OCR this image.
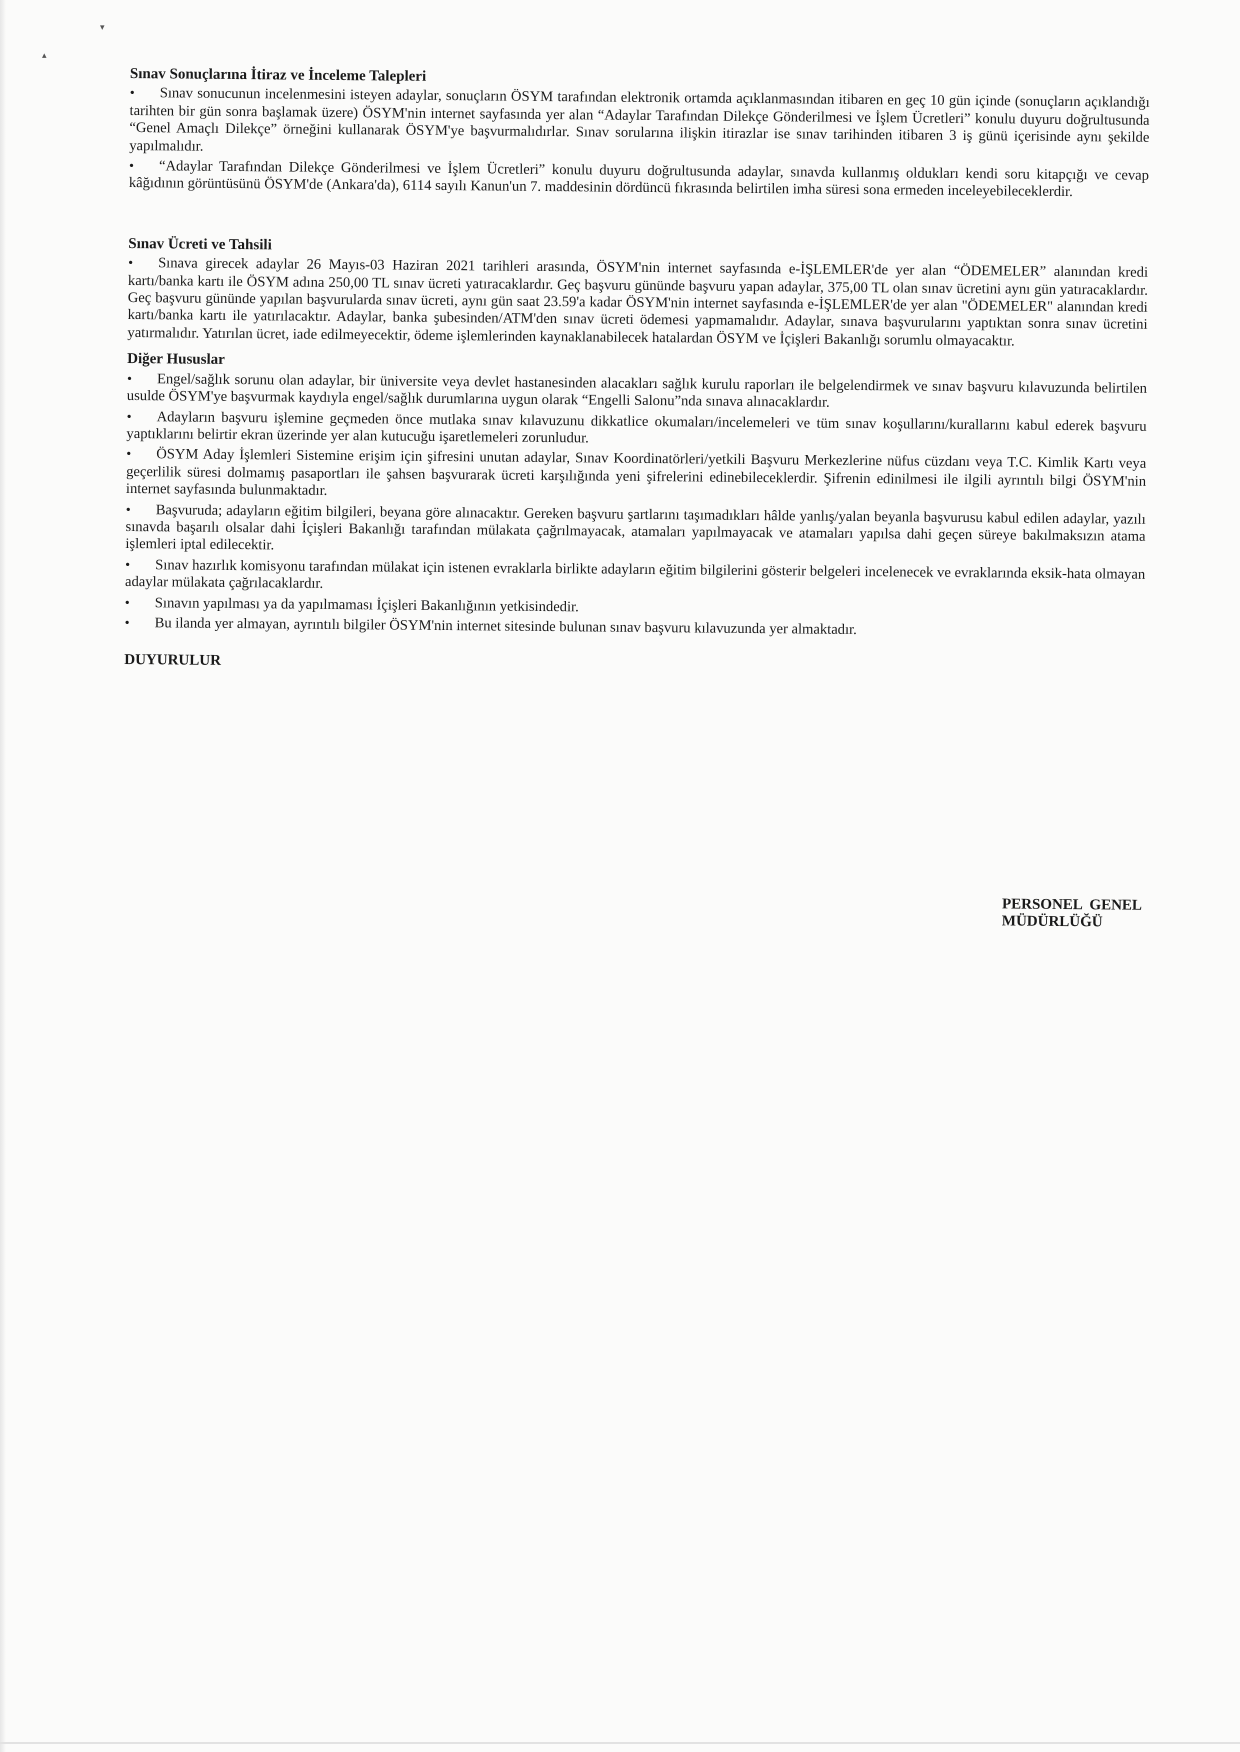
▾
▴
Sınav Sonuçlarına İtiraz ve İnceleme Talepleri
• Sınav sonucunun incelenmesini isteyen adaylar, sonuçların ÖSYM tarafından elektronik ortamda açıklanmasından itibaren en geç 10 gün içinde (sonuçların açıklandığı tarihten bir gün sonra başlamak üzere) ÖSYM'nin internet sayfasında yer alan “Adaylar Tarafından Dilekçe Gönderilmesi ve İşlem Ücretleri” konulu duyuru doğrultusunda “Genel Amaçlı Dilekçe” örneğini kullanarak ÖSYM'ye başvurmalıdırlar. Sınav sorularına ilişkin itirazlar ise sınav tarihinden itibaren 3 iş günü içerisinde aynı şekilde yapılmalıdır.
• “Adaylar Tarafından Dilekçe Gönderilmesi ve İşlem Ücretleri” konulu duyuru doğrultusunda adaylar, sınavda kullanmış oldukları kendi soru kitapçığı ve cevap kâğıdının görüntüsünü ÖSYM'de (Ankara'da), 6114 sayılı Kanun'un 7. maddesinin dördüncü fıkrasında belirtilen imha süresi sona ermeden inceleyebileceklerdir.
Sınav Ücreti ve Tahsili
• Sınava girecek adaylar 26 Mayıs-03 Haziran 2021 tarihleri arasında, ÖSYM'nin internet sayfasında e-İŞLEMLER'de yer alan “ÖDEMELER” alanından kredi kartı/banka kartı ile ÖSYM adına 250,00 TL sınav ücreti yatıracaklardır. Geç başvuru gününde başvuru yapan adaylar, 375,00 TL olan sınav ücretini aynı gün yatıracaklardır. Geç başvuru gününde yapılan başvurularda sınav ücreti, aynı gün saat 23.59'a kadar ÖSYM'nin internet sayfasında e-İŞLEMLER'de yer alan "ÖDEMELER" alanından kredi kartı/banka kartı ile yatırılacaktır. Adaylar, banka şubesinden/ATM'den sınav ücreti ödemesi yapmamalıdır. Adaylar, sınava başvurularını yaptıktan sonra sınav ücretini yatırmalıdır. Yatırılan ücret, iade edilmeyecektir, ödeme işlemlerinden kaynaklanabilecek hatalardan ÖSYM ve İçişleri Bakanlığı sorumlu olmayacaktır.
Diğer Hususlar
• Engel/sağlık sorunu olan adaylar, bir üniversite veya devlet hastanesinden alacakları sağlık kurulu raporları ile belgelendirmek ve sınav başvuru kılavuzunda belirtilen usulde ÖSYM'ye başvurmak kaydıyla engel/sağlık durumlarına uygun olarak “Engelli Salonu”nda sınava alınacaklardır.
• Adayların başvuru işlemine geçmeden önce mutlaka sınav kılavuzunu dikkatlice okumaları/incelemeleri ve tüm sınav koşullarını/kurallarını kabul ederek başvuru yaptıklarını belirtir ekran üzerinde yer alan kutucuğu işaretlemeleri zorunludur.
• ÖSYM Aday İşlemleri Sistemine erişim için şifresini unutan adaylar, Sınav Koordinatörleri/yetkili Başvuru Merkezlerine nüfus cüzdanı veya T.C. Kimlik Kartı veya geçerlilik süresi dolmamış pasaportları ile şahsen başvurarak ücreti karşılığında yeni şifrelerini edinebileceklerdir. Şifrenin edinilmesi ile ilgili ayrıntılı bilgi ÖSYM'nin internet sayfasında bulunmaktadır.
• Başvuruda; adayların eğitim bilgileri, beyana göre alınacaktır. Gereken başvuru şartlarını taşımadıkları hâlde yanlış/yalan beyanla başvurusu kabul edilen adaylar, yazılı sınavda başarılı olsalar dahi İçişleri Bakanlığı tarafından mülakata çağrılmayacak, atamaları yapılmayacak ve atamaları yapılsa dahi geçen süreye bakılmaksızın atama işlemleri iptal edilecektir.
• Sınav hazırlık komisyonu tarafından mülakat için istenen evraklarla birlikte adayların eğitim bilgilerini gösterir belgeleri incelenecek ve evraklarında eksik-hata olmayan adaylar mülakata çağrılacaklardır.
• Sınavın yapılması ya da yapılmaması İçişleri Bakanlığının yetkisindedir.
• Bu ilanda yer almayan, ayrıntılı bilgiler ÖSYM'nin internet sitesinde bulunan sınav başvuru kılavuzunda yer almaktadır.
DUYURULUR
PERSONEL GENEL MÜDÜRLÜĞÜ
